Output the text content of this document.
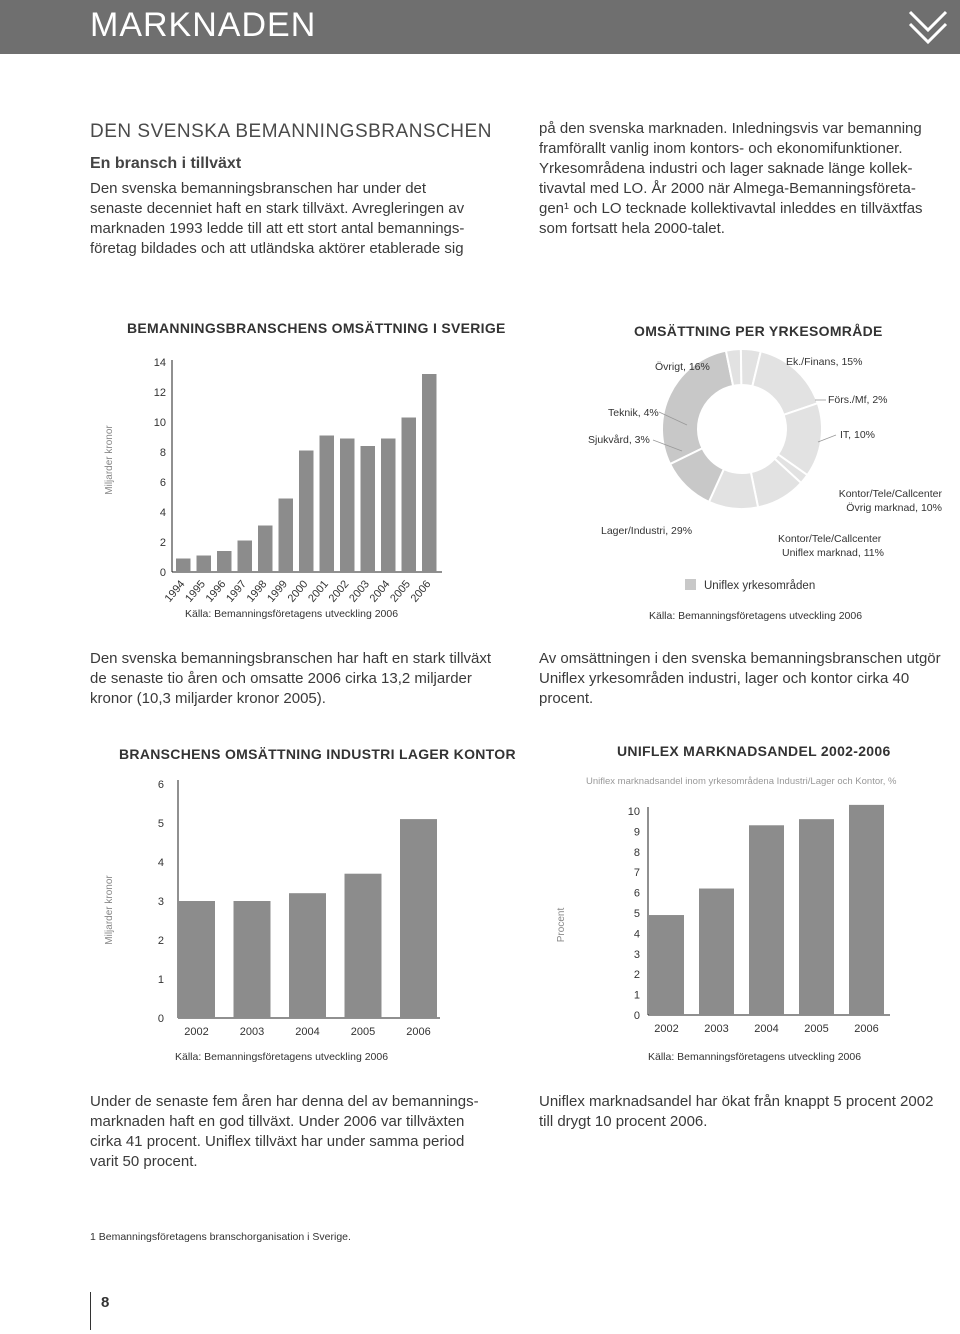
MARKNADEN
DEN SVENSKA BEMANNINGSBRANSCHEN
En bransch i tillväxt
Den svenska bemanningsbranschen har under det
senaste decenniet haft en stark tillväxt. Avregleringen av
marknaden 1993 ledde till att ett stort antal bemannings-
företag bildades och att utländska aktörer etablerade sig
på den svenska marknaden. Inledningsvis var bemanning
framförallt vanlig inom kontors- och ekonomifunktioner.
Yrkesområdena industri och lager saknade länge kollek-
tivavtal med LO. År 2000 när Almega-Bemanningsföreta-
gen¹ och LO tecknade kollektivavtal inleddes en tillväxtfas
som fortsatt hela 2000-talet.
BEMANNINGSBRANSCHENS OMSÄTTNING I SVERIGE
0
2
4
6
8
10
12
14
1994
1995
1996
1997
1998
1999
2000
2001
2002
2003
2004
2005
2006
Miljarder kronor
Källa: Bemanningsföretagens utveckling 2006
OMSÄTTNING PER YRKESOMRÅDE
Övrigt, 16%	Ek./Finans, 15%
Förs./Mf, 2%
Teknik, 4%
Sjukvård, 3%	IT, 10%
Kontor/Tele/Callcenter
Övrig marknad, 10%
Lager/Industri, 29%
Kontor/Tele/Callcenter
Uniflex marknad, 11%
Uniflex yrkesområden
Källa: Bemanningsföretagens utveckling 2006
Den svenska bemanningsbranschen har haft en stark tillväxt
de senaste tio åren och omsatte 2006 cirka 13,2 miljarder
kronor (10,3 miljarder kronor 2005).
Av omsättningen i den svenska bemanningsbranschen utgör
Uniflex yrkesområden industri, lager och kontor cirka 40
procent.
BRANSCHENS OMSÄTTNING INDUSTRI LAGER KONTOR
0
1
2
3
4
5
6
2002	2003	2004	2005	2006
Miljarder kronor
Källa: Bemanningsföretagens utveckling 2006
UNIFLEX MARKNADSANDEL 2002-2006
Uniflex marknadsandel inom yrkesområdena Industri/Lager och Kontor, %
0
1
2
3
4
5
6
7
8
9
10
2002 2003 2004 2005 2006
Procent
Källa: Bemanningsföretagens utveckling 2006
Under de senaste fem åren har denna del av bemannings-
marknaden haft en god tillväxt. Under 2006 var tillväxten
cirka 41 procent. Uniflex tillväxt har under samma period
varit 50 procent.
Uniflex marknadsandel har ökat från knappt 5 procent 2002
till drygt 10 procent 2006.
1 Bemanningsföretagens branschorganisation i Sverige.
8
